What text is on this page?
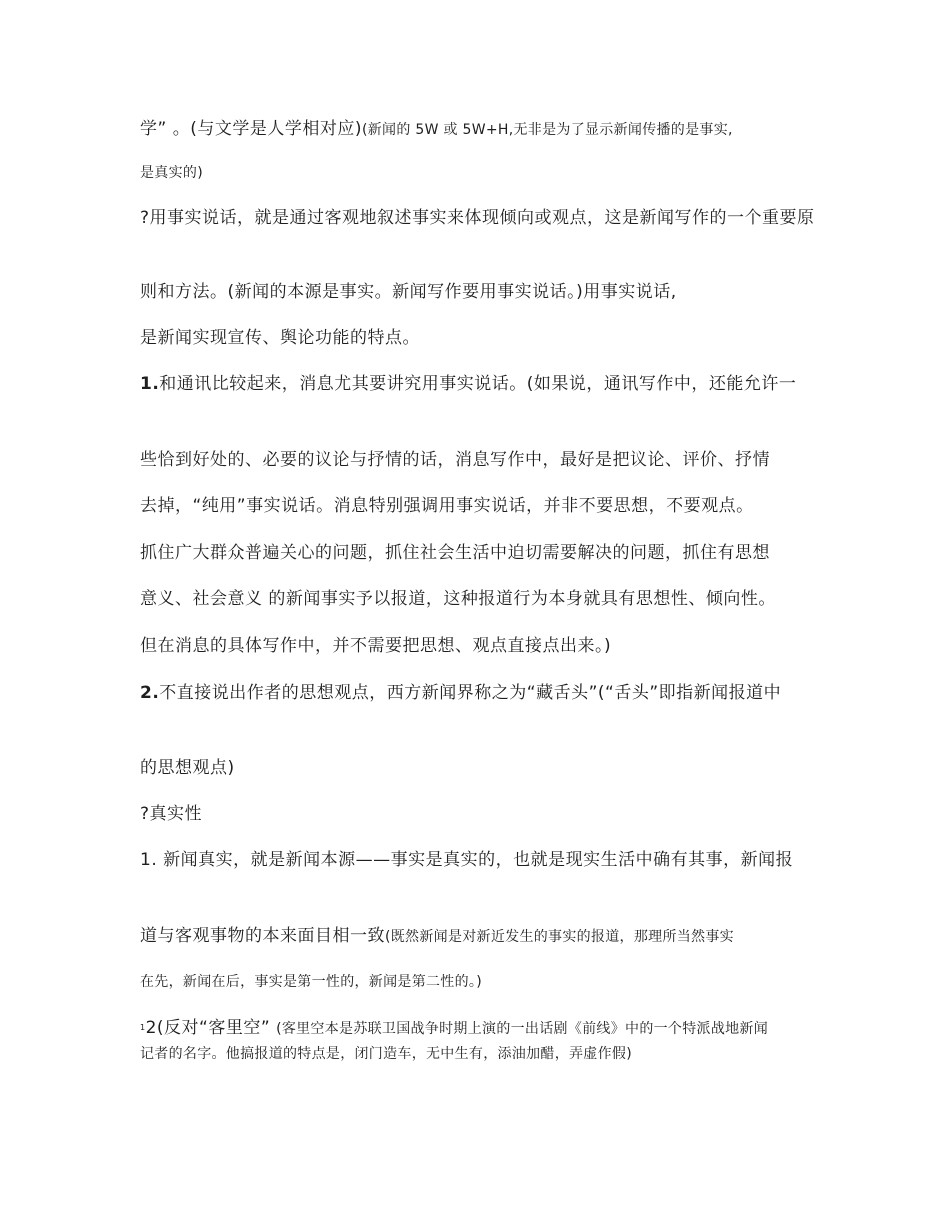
学” 。(与文学是人学相对应)(新闻的 5W 或 5W+H,无非是为了显示新闻传播的是事实,

是真实的)

?用事实说话，就是通过客观地叙述事实来体现倾向或观点，这是新闻写作的一个重要原

则和方法。(新闻的本源是事实。新闻写作要用事实说话。)用事实说话,

是新闻实现宣传、舆论功能的特点。

1.和通讯比较起来，消息尤其要讲究用事实说话。(如果说，通讯写作中，还能允许一

些恰到好处的、必要的议论与抒情的话，消息写作中，最好是把议论、评价、抒情

去掉，“纯用”事实说话。消息特别强调用事实说话，并非不要思想，不要观点。

抓住广大群众普遍关心的问题，抓住社会生活中迫切需要解决的问题，抓住有思想

意义、社会意义 的新闻事实予以报道，这种报道行为本身就具有思想性、倾向性。

但在消息的具体写作中，并不需要把思想、观点直接点出来。)

2.不直接说出作者的思想观点，西方新闻界称之为“藏舌头”(“舌头”即指新闻报道中

的思想观点)

?真实性

1. 新闻真实，就是新闻本源——事实是真实的，也就是现实生活中确有其事，新闻报

道与客观事物的本来面目相一致(既然新闻是对新近发生的事实的报道，那理所当然事实

在先，新闻在后，事实是第一性的，新闻是第二性的。)

12(反对“客里空” (客里空本是苏联卫国战争时期上演的一出话剧《前线》中的一个特派战地新闻

记者的名字。他搞报道的特点是，闭门造车，无中生有，添油加醋，弄虚作假)
